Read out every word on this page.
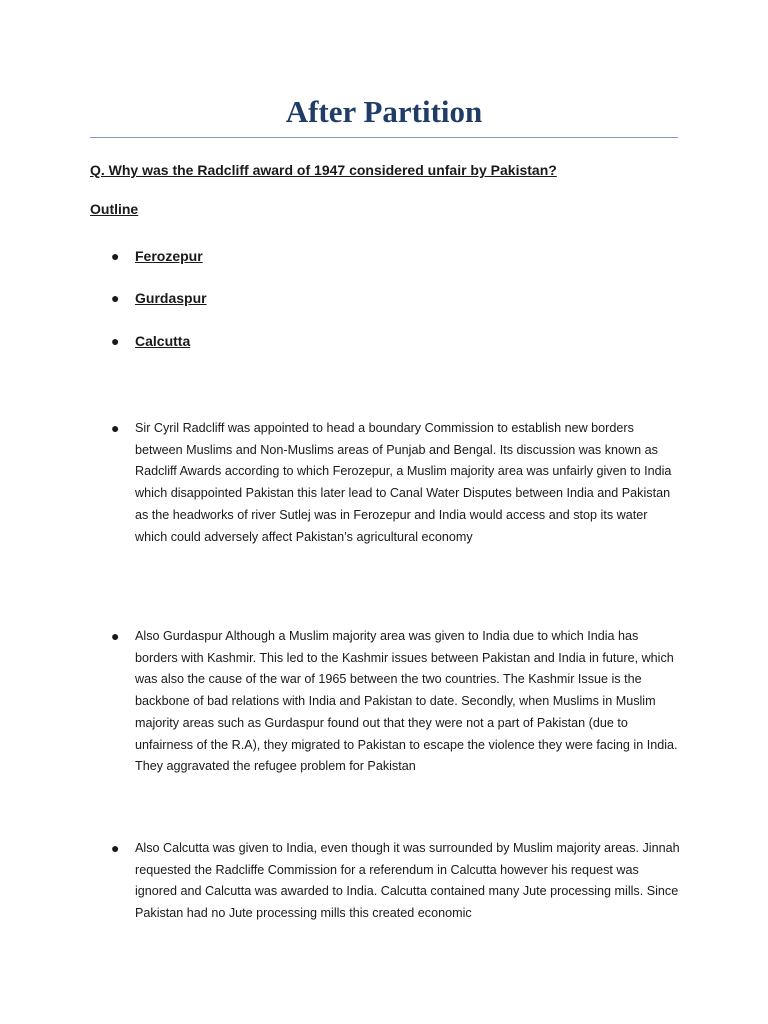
After Partition
Q. Why was the Radcliff award of 1947 considered unfair by Pakistan?
Outline
● Ferozepur
● Gurdaspur
● Calcutta
● Sir Cyril Radcliff was appointed to head a boundary Commission to establish new borders between Muslims and Non-Muslims areas of Punjab and Bengal. Its discussion was known as Radcliff Awards according to which Ferozepur, a Muslim majority area was unfairly given to India which disappointed Pakistan this later lead to Canal Water Disputes between India and Pakistan as the headworks of river Sutlej was in Ferozepur and India would access and stop its water which could adversely affect Pakistan’s agricultural economy

● Also Gurdaspur Although a Muslim majority area was given to India due to which India has borders with Kashmir. This led to the Kashmir issues between Pakistan and India in future, which was also the cause of the war of 1965 between the two countries. The Kashmir Issue is the backbone of bad relations with India and Pakistan to date. Secondly, when Muslims in Muslim majority areas such as Gurdaspur found out that they were not a part of Pakistan (due to unfairness of the R.A), they migrated to Pakistan to escape the violence they were facing in India. They aggravated the refugee problem for Pakistan

● Also Calcutta was given to India, even though it was surrounded by Muslim majority areas. Jinnah requested the Radcliffe Commission for a referendum in Calcutta however his request was ignored and Calcutta was awarded to India. Calcutta contained many Jute processing mills. Since Pakistan had no Jute processing mills this created economic
